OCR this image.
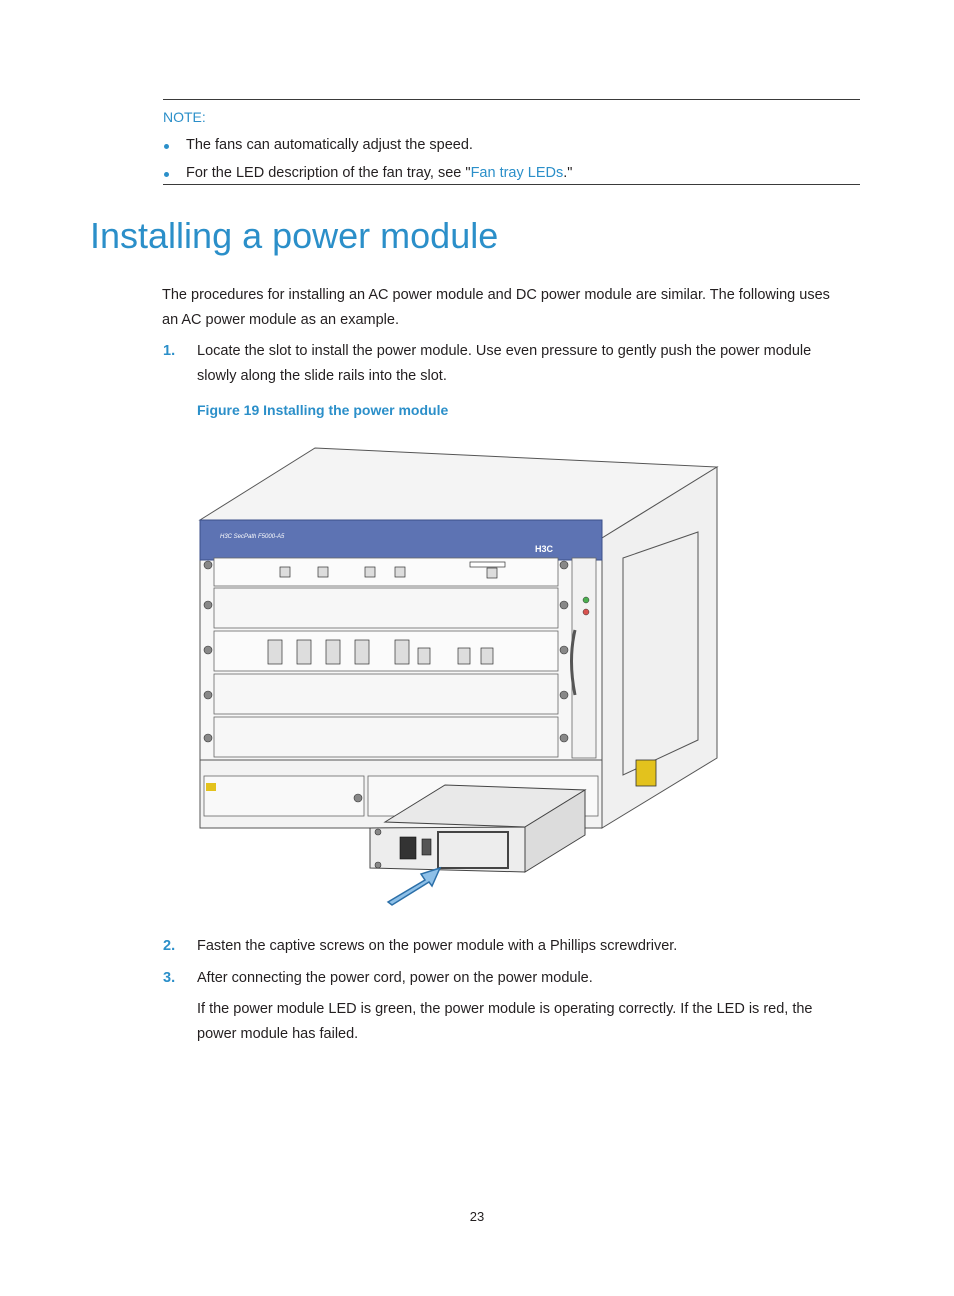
NOTE:
The fans can automatically adjust the speed.
For the LED description of the fan tray, see "Fan tray LEDs."
Installing a power module

The procedures for installing an AC power module and DC power module are similar. The following uses

an AC power module as an example.

1. Locate the slot to install the power module. Use even pressure to gently push the power module

slowly along the slide rails into the slot.

Figure 19 Installing the power module
H3C SecPath F5000-A5
H3C
2. Fasten the captive screws on the power module with a Phillips screwdriver.

3. After connecting the power cord, power on the power module.

If the power module LED is green, the power module is operating correctly. If the LED is red, the

power module has failed.

23
